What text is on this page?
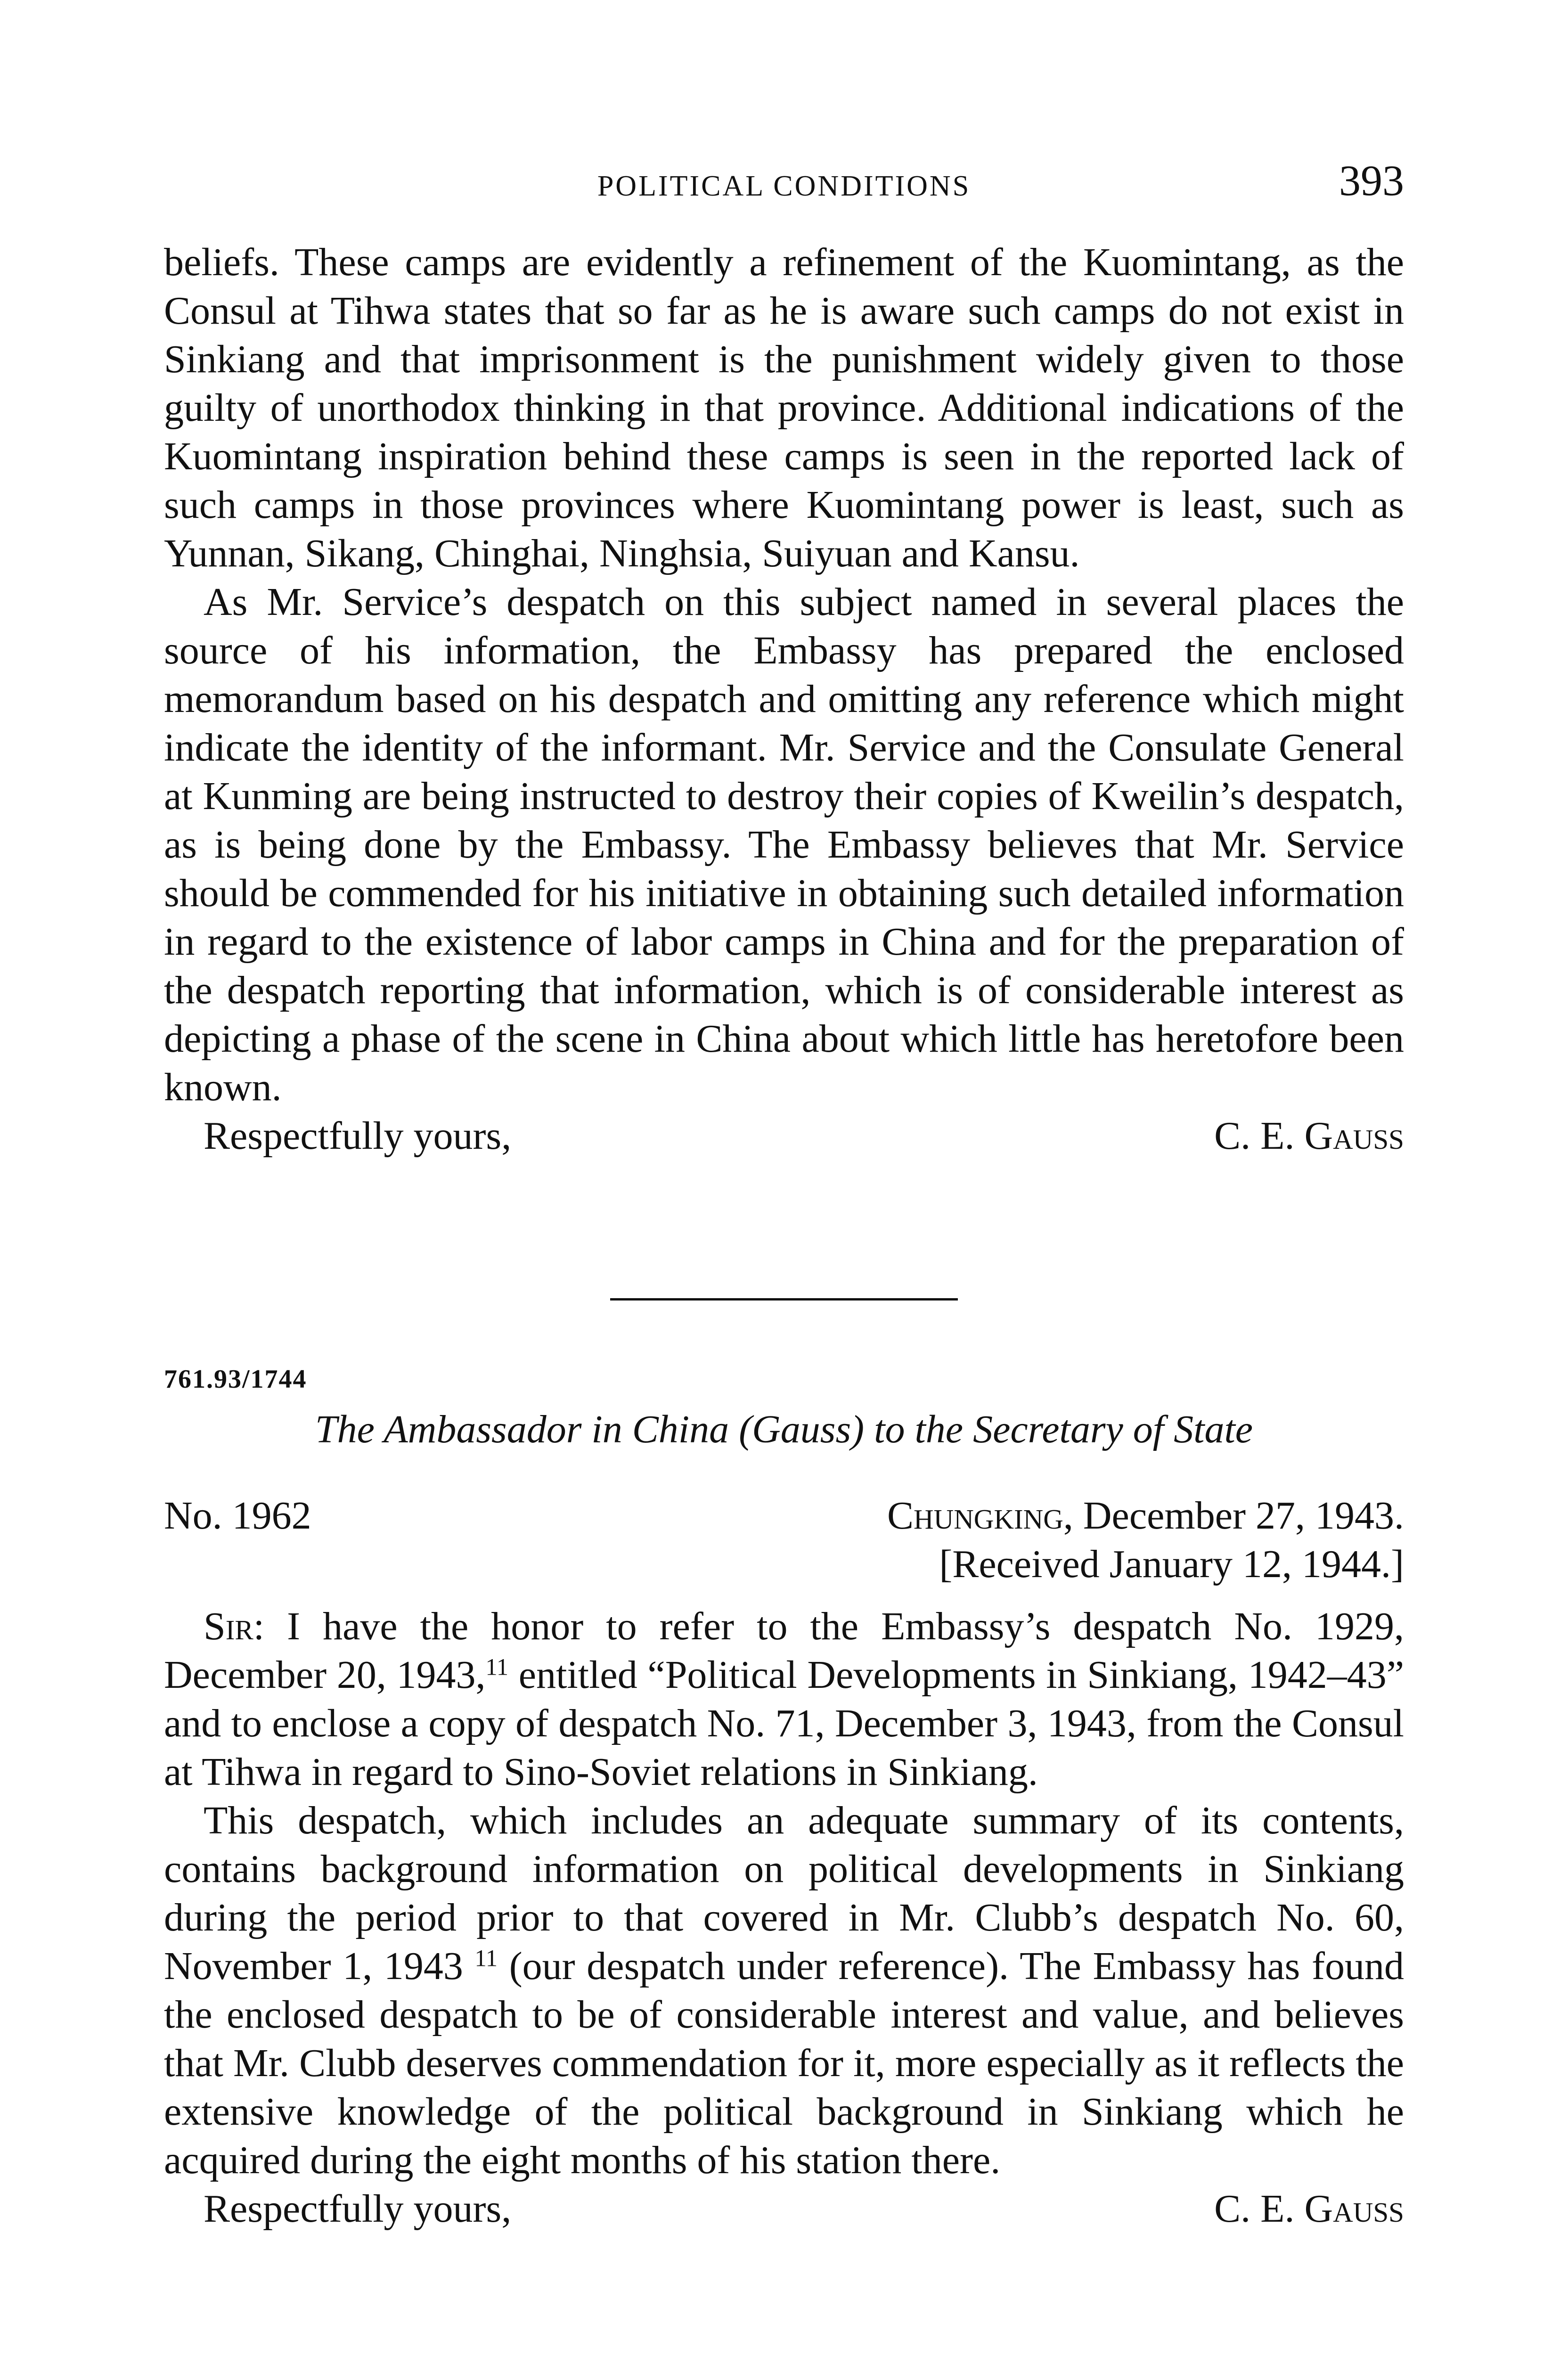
POLITICAL CONDITIONS	393

beliefs. These camps are evidently a refinement of the Kuomintang, as the Consul at Tihwa states that so far as he is aware such camps do not exist in Sinkiang and that imprisonment is the punishment widely given to those guilty of unorthodox thinking in that province. Additional indications of the Kuomintang inspiration behind these camps is seen in the reported lack of such camps in those provinces where Kuomintang power is least, such as Yunnan, Sikang, Chinghai, Ninghsia, Suiyuan and Kansu.

As Mr. Service’s despatch on this subject named in several places the source of his information, the Embassy has prepared the enclosed memorandum based on his despatch and omitting any reference which might indicate the identity of the informant. Mr. Service and the Consulate General at Kunming are being instructed to destroy their copies of Kweilin’s despatch, as is being done by the Embassy. The Embassy believes that Mr. Service should be commended for his initiative in obtaining such detailed information in regard to the existence of labor camps in China and for the preparation of the despatch reporting that information, which is of considerable interest as depicting a phase of the scene in China about which little has heretofore been known.

Respectfully yours,	C. E. Gauss
761.93/1744
The Ambassador in China (Gauss) to the Secretary of State
No. 1962	Chungking, December 27, 1943.
[Received January 12, 1944.]

Sir: I have the honor to refer to the Embassy’s despatch No. 1929, December 20, 1943,11 entitled “Political Developments in Sinkiang, 1942–43” and to enclose a copy of despatch No. 71, December 3, 1943, from the Consul at Tihwa in regard to Sino-Soviet relations in Sinkiang.

This despatch, which includes an adequate summary of its contents, contains background information on political developments in Sinkiang during the period prior to that covered in Mr. Clubb’s despatch No. 60, November 1, 1943 $^{11}$ (our despatch under reference). The Embassy has found the enclosed despatch to be of considerable interest and value, and believes that Mr. Clubb deserves commendation for it, more especially as it reflects the extensive knowledge of the political background in Sinkiang which he acquired during the eight months of his station there.

Respectfully yours,	C. E. Gauss
